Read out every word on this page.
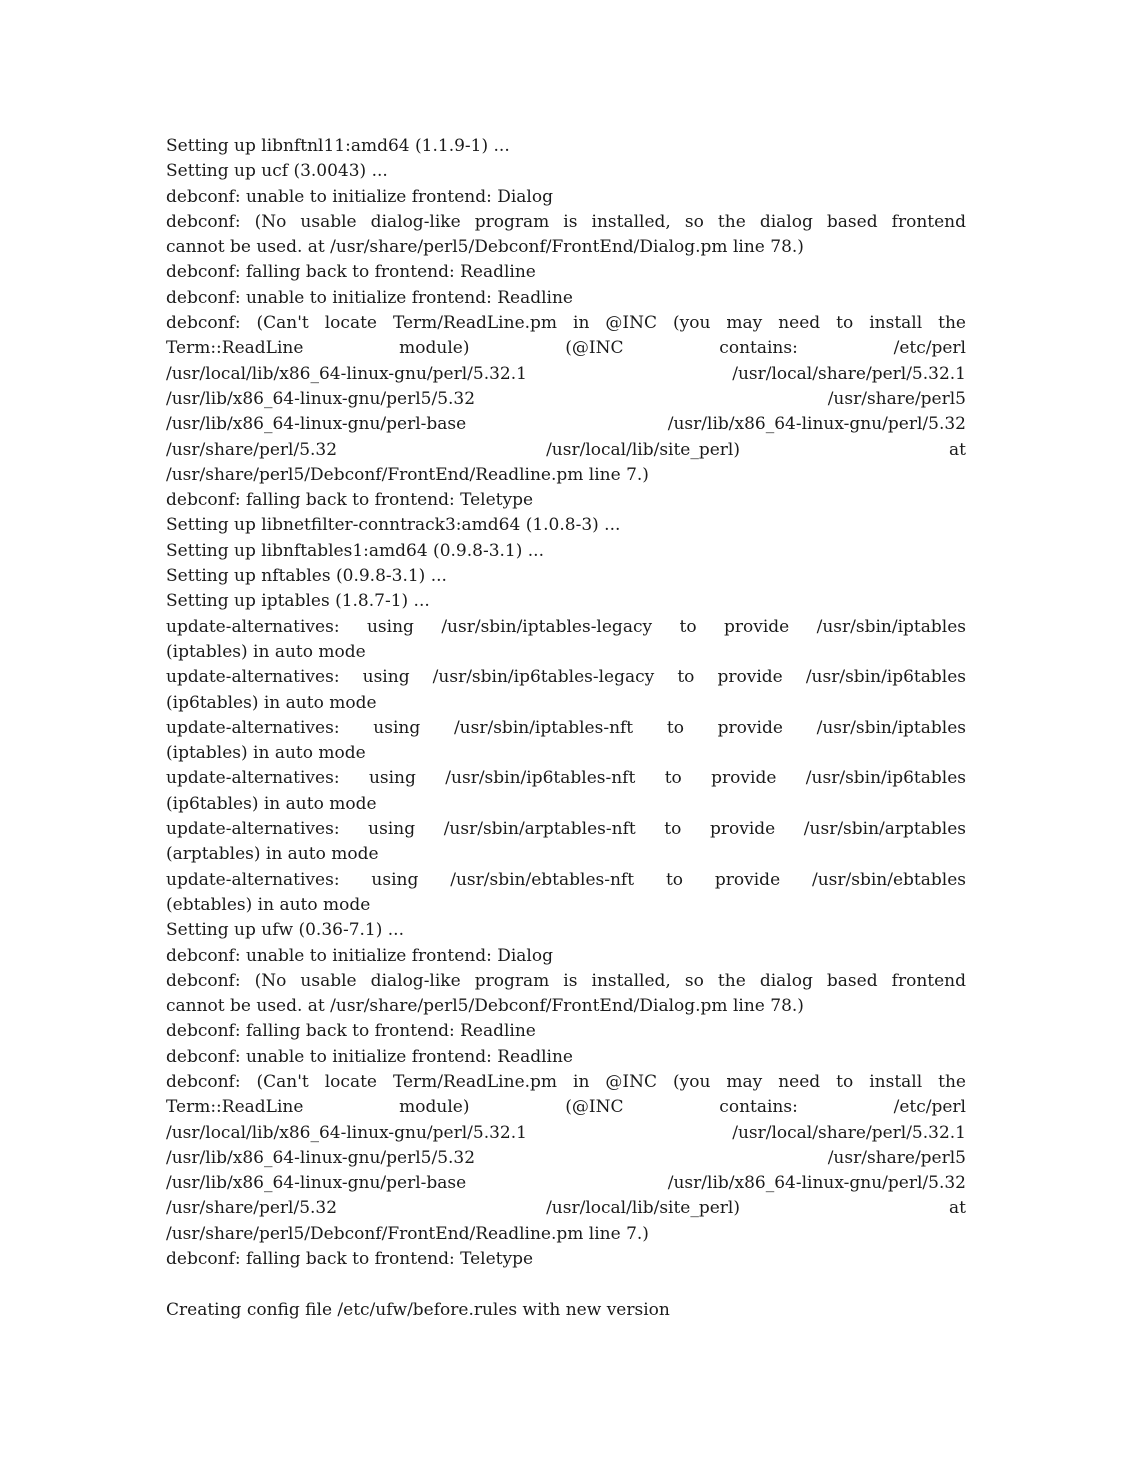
Setting up libnftnl11:amd64 (1.1.9-1) ...
Setting up ucf (3.0043) ...
debconf: unable to initialize frontend: Dialog
debconf: (No usable dialog-like program is installed, so the dialog based frontend
cannot be used. at /usr/share/perl5/Debconf/FrontEnd/Dialog.pm line 78.)
debconf: falling back to frontend: Readline
debconf: unable to initialize frontend: Readline
debconf: (Can't locate Term/ReadLine.pm in @INC (you may need to install the
Term::ReadLine module) (@INC contains: /etc/perl
/usr/local/lib/x86_64-linux-gnu/perl/5.32.1 /usr/local/share/perl/5.32.1
/usr/lib/x86_64-linux-gnu/perl5/5.32 /usr/share/perl5
/usr/lib/x86_64-linux-gnu/perl-base /usr/lib/x86_64-linux-gnu/perl/5.32
/usr/share/perl/5.32 /usr/local/lib/site_perl) at
/usr/share/perl5/Debconf/FrontEnd/Readline.pm line 7.)
debconf: falling back to frontend: Teletype
Setting up libnetfilter-conntrack3:amd64 (1.0.8-3) ...
Setting up libnftables1:amd64 (0.9.8-3.1) ...
Setting up nftables (0.9.8-3.1) ...
Setting up iptables (1.8.7-1) ...
update-alternatives: using /usr/sbin/iptables-legacy to provide /usr/sbin/iptables
(iptables) in auto mode
update-alternatives: using /usr/sbin/ip6tables-legacy to provide /usr/sbin/ip6tables
(ip6tables) in auto mode
update-alternatives: using /usr/sbin/iptables-nft to provide /usr/sbin/iptables
(iptables) in auto mode
update-alternatives: using /usr/sbin/ip6tables-nft to provide /usr/sbin/ip6tables
(ip6tables) in auto mode
update-alternatives: using /usr/sbin/arptables-nft to provide /usr/sbin/arptables
(arptables) in auto mode
update-alternatives: using /usr/sbin/ebtables-nft to provide /usr/sbin/ebtables
(ebtables) in auto mode
Setting up ufw (0.36-7.1) ...
debconf: unable to initialize frontend: Dialog
debconf: (No usable dialog-like program is installed, so the dialog based frontend
cannot be used. at /usr/share/perl5/Debconf/FrontEnd/Dialog.pm line 78.)
debconf: falling back to frontend: Readline
debconf: unable to initialize frontend: Readline
debconf: (Can't locate Term/ReadLine.pm in @INC (you may need to install the
Term::ReadLine module) (@INC contains: /etc/perl
/usr/local/lib/x86_64-linux-gnu/perl/5.32.1 /usr/local/share/perl/5.32.1
/usr/lib/x86_64-linux-gnu/perl5/5.32 /usr/share/perl5
/usr/lib/x86_64-linux-gnu/perl-base /usr/lib/x86_64-linux-gnu/perl/5.32
/usr/share/perl/5.32 /usr/local/lib/site_perl) at
/usr/share/perl5/Debconf/FrontEnd/Readline.pm line 7.)
debconf: falling back to frontend: Teletype
Creating config file /etc/ufw/before.rules with new version
